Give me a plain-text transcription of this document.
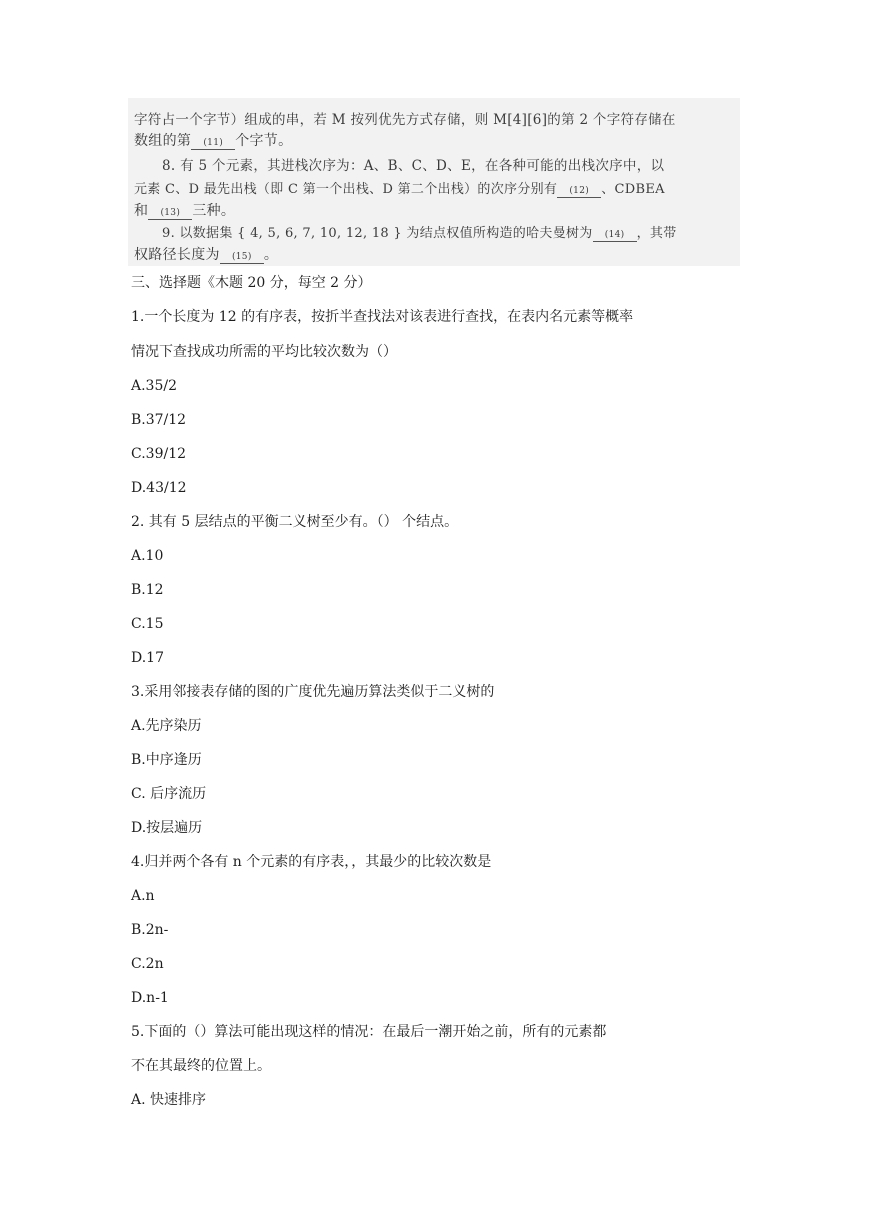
字符占一个字节）组成的串，若 M 按列优先方式存储，则 M[4][6]的第 2 个字符存储在
数组的第 (11) 个字节。
8. 有 5 个元素，其进栈次序为：A、B、C、D、E，在各种可能的出栈次序中，以
元素 C、D 最先出栈（即 C 第一个出栈、D 第二个出栈）的次序分别有 (12) 、CDBEA
和 (13) 三种。
9. 以数据集 { 4, 5, 6, 7, 10, 12, 18 } 为结点权值所构造的哈夫曼树为 (14) ，其带
权路径长度为 (15) 。
三、选择题《木题 20 分，每空 2 分）
1.一个长度为 12 的有序表，按折半查找法对该表进行查找，在表内名元素等概率
情况下查找成功所需的平均比较次数为（）
A.35/2
B.37/12
C.39/12
D.43/12
2. 其有 5 层结点的平衡二义树至少有。（） 个结点。
A.10
B.12
C.15
D.17
3.采用邻接表存储的图的广度优先遍历算法类似于二义树的
A.先序染历
B.中序逢历
C. 后序流历
D.按层遍历
4.归并两个各有 n 个元素的有序表，，其最少的比较次数是
A.n
B.2n-
C.2n
D.n-1
5.下面的（）算法可能出现这样的情况：在最后一潮开始之前，所有的元素都
不在其最终的位置上。
A. 快速排序
